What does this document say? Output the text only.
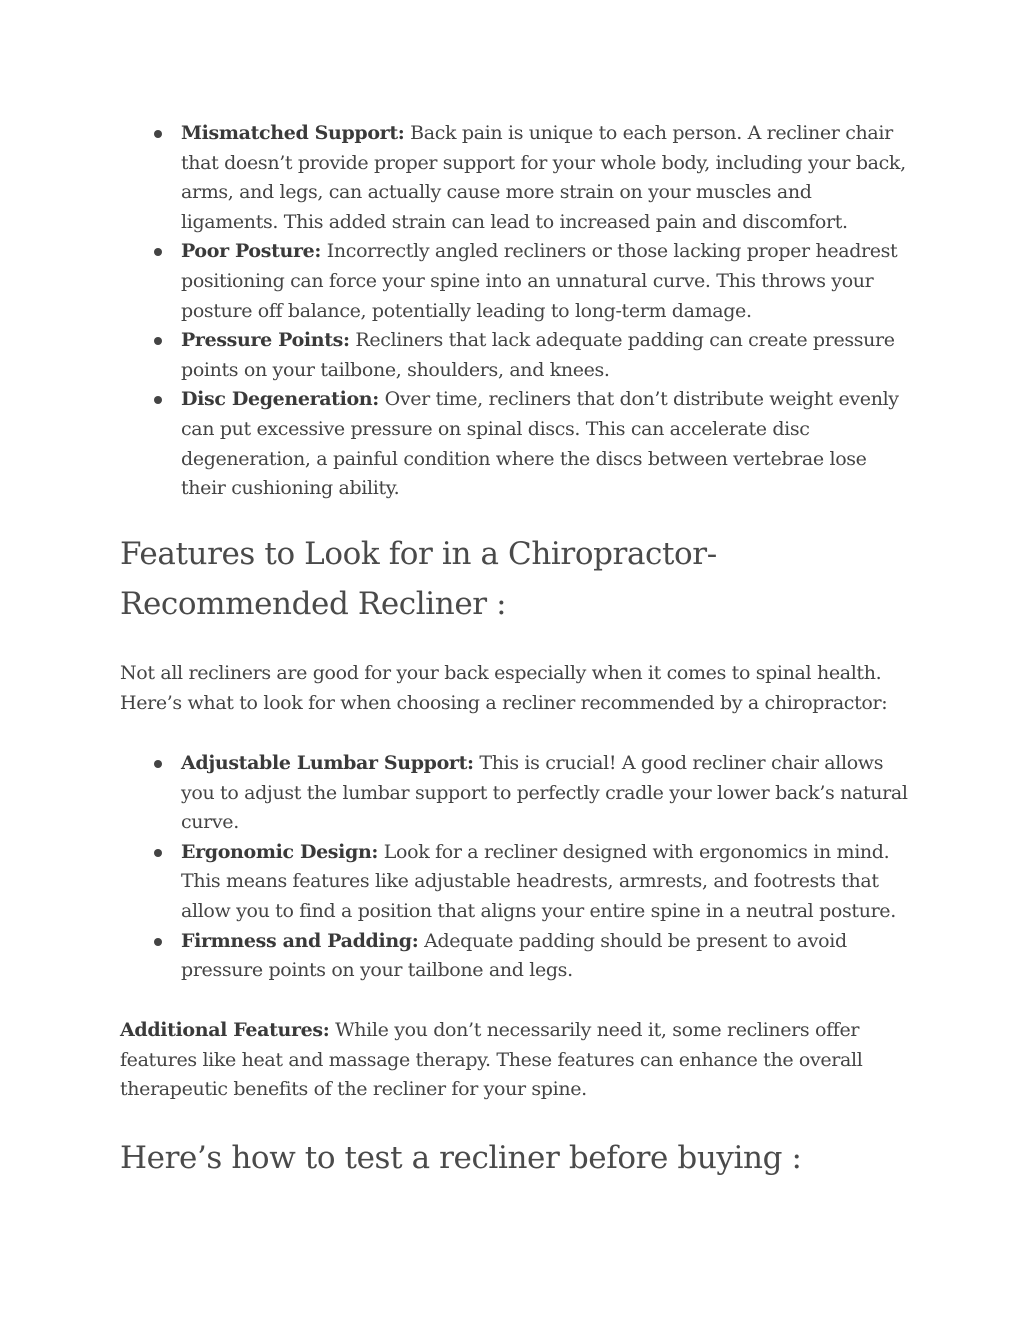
Mismatched Support: Back pain is unique to each person. A recliner chair that doesn’t provide proper support for your whole body, including your back, arms, and legs, can actually cause more strain on your muscles and ligaments. This added strain can lead to increased pain and discomfort.
Poor Posture: Incorrectly angled recliners or those lacking proper headrest positioning can force your spine into an unnatural curve. This throws your posture off balance, potentially leading to long-term damage.
Pressure Points: Recliners that lack adequate padding can create pressure points on your tailbone, shoulders, and knees.
Disc Degeneration: Over time, recliners that don’t distribute weight evenly can put excessive pressure on spinal discs. This can accelerate disc degeneration, a painful condition where the discs between vertebrae lose their cushioning ability.
Features to Look for in a Chiropractor-Recommended Recliner :

Not all recliners are good for your back especially when it comes to spinal health. Here’s what to look for when choosing a recliner recommended by a chiropractor:

Adjustable Lumbar Support: This is crucial! A good recliner chair allows you to adjust the lumbar support to perfectly cradle your lower back’s natural curve.
Ergonomic Design: Look for a recliner designed with ergonomics in mind. This means features like adjustable headrests, armrests, and footrests that allow you to find a position that aligns your entire spine in a neutral posture.
Firmness and Padding: Adequate padding should be present to avoid pressure points on your tailbone and legs.

Additional Features: While you don’t necessarily need it, some recliners offer features like heat and massage therapy. These features can enhance the overall therapeutic benefits of the recliner for your spine.

Here’s how to test a recliner before buying :
